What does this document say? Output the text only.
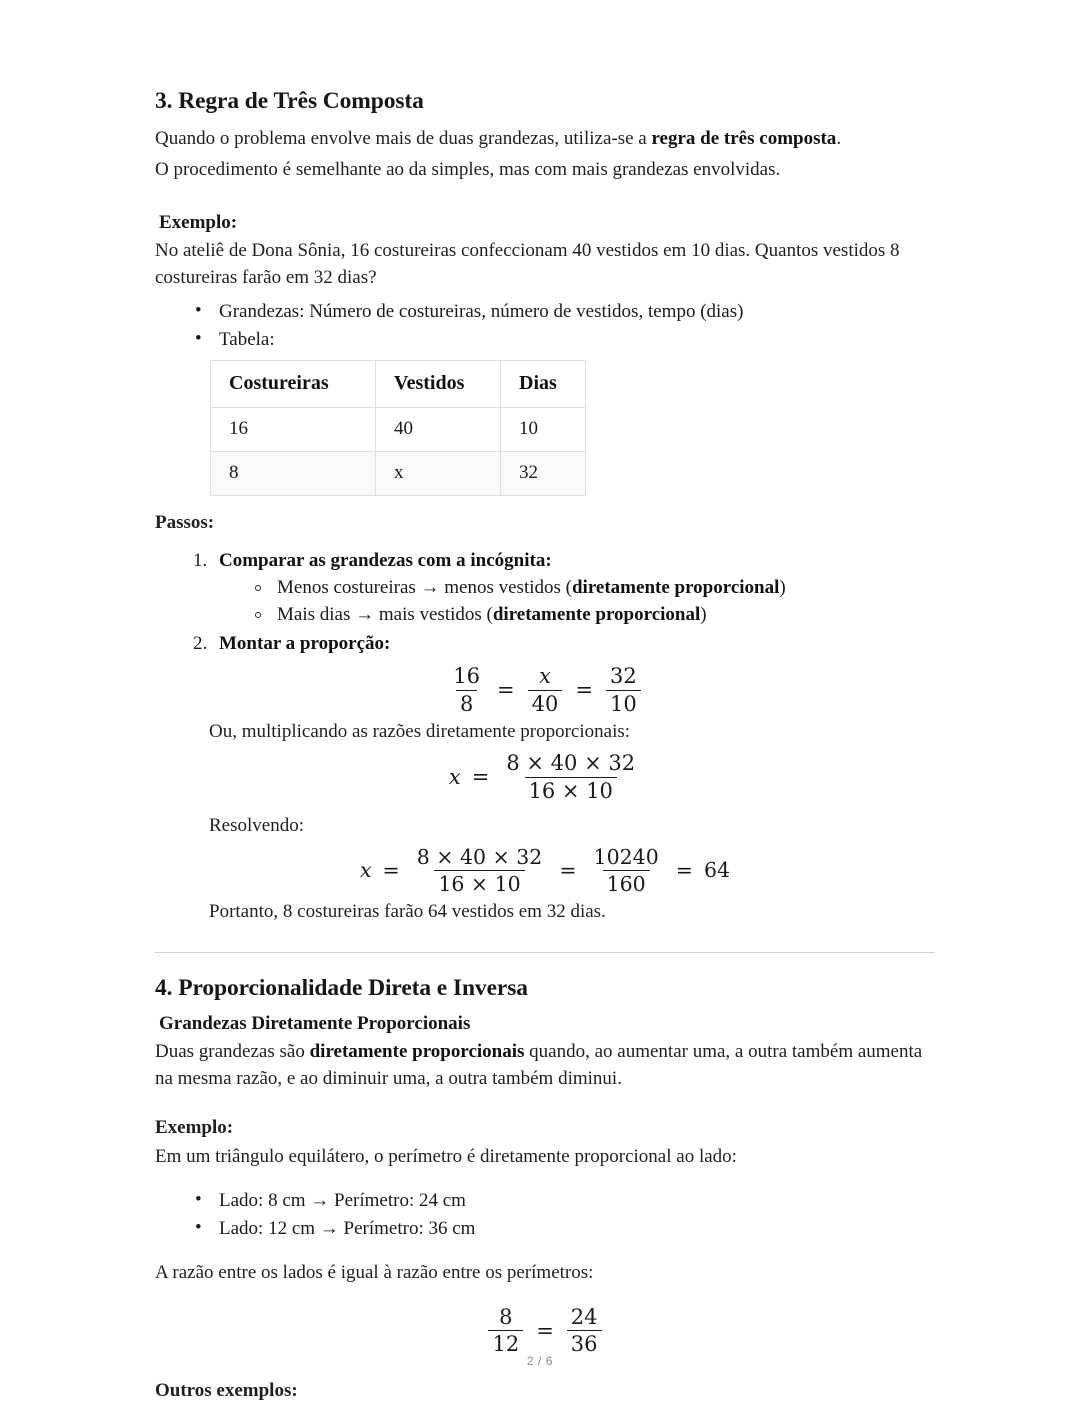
3. Regra de Três Composta

Quando o problema envolve mais de duas grandezas, utiliza-se a regra de três composta.

O procedimento é semelhante ao da simples, mas com mais grandezas envolvidas.

Exemplo:

No ateliê de Dona Sônia, 16 costureiras confeccionam 40 vestidos em 10 dias. Quantos vestidos 8 costureiras farão em 32 dias?

• Grandezas: Número de costureiras, número de vestidos, tempo (dias)
• Tabela:
Costureiras	Vestidos	Dias
16	40	10
8	x	32

Passos:

Comparar as grandezas com a incógnita:
Menos costureiras → menos vestidos (diretamente proporcional)
Mais dias → mais vestidos (diretamente proporcional)
Montar a proporção:
$\frac{16}{8} = \frac{x}{40} = \frac{32}{10}$

Ou, multiplicando as razões diretamente proporcionais:

$x = \frac{8 \times 40 \times 32}{16 \times 10}$

Resolvendo:

$x = \frac{8 \times 40 \times 32}{16 \times 10} = \frac{10240}{160} = 64$

Portanto, 8 costureiras farão 64 vestidos em 32 dias.

4. Proporcionalidade Direta e Inversa
Grandezas Diretamente Proporcionais

Duas grandezas são diretamente proporcionais quando, ao aumentar uma, a outra também aumenta na mesma razão, e ao diminuir uma, a outra também diminui.

Exemplo:

Em um triângulo equilátero, o perímetro é diretamente proporcional ao lado:

• Lado: 8 cm → Perímetro: 24 cm
• Lado: 12 cm → Perímetro: 36 cm

A razão entre os lados é igual à razão entre os perímetros:

$\frac{8}{12} = \frac{24}{36}$

Outros exemplos:

2 / 6
